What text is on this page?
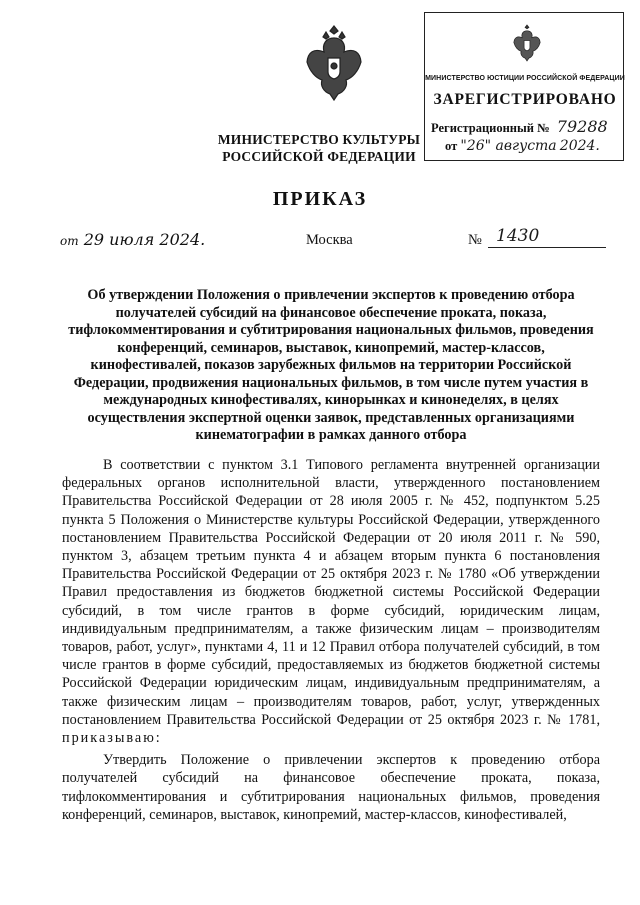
МИНИСТЕРСТВО КУЛЬТУРЫ
РОССИЙСКОЙ ФЕДЕРАЦИИ
МИНИСТЕРСТВО ЮСТИЦИИ РОССИЙСКОЙ ФЕДЕРАЦИИ
ЗАРЕГИСТРИРОВАНО
Регистрационный № 79288
от "26" августа 2024.
ПРИКАЗ
от 29 июля 2024.	Москва	№ 1430
Об утверждении Положения о привлечении экспертов к проведению отбора получателей субсидий на финансовое обеспечение проката, показа, тифлокомментирования и субтитрирования национальных фильмов, проведения конференций, семинаров, выставок, кинопремий, мастер-классов, кинофестивалей, показов зарубежных фильмов на территории Российской Федерации, продвижения национальных фильмов, в том числе путем участия в международных кинофестивалях, кинорынках и кинонеделях, в целях осуществления экспертной оценки заявок, представленных организациями кинематографии в рамках данного отбора

В соответствии с пунктом 3.1 Типового регламента внутренней организации федеральных органов исполнительной власти, утвержденного постановлением Правительства Российской Федерации от 28 июля 2005 г. № 452, подпунктом 5.25 пункта 5 Положения о Министерстве культуры Российской Федерации, утвержденного постановлением Правительства Российской Федерации от 20 июля 2011 г. № 590, пунктом 3, абзацем третьим пункта 4 и абзацем вторым пункта 6 постановления Правительства Российской Федерации от 25 октября 2023 г. № 1780 «Об утверждении Правил предоставления из бюджетов бюджетной системы Российской Федерации субсидий, в том числе грантов в форме субсидий, юридическим лицам, индивидуальным предпринимателям, а также физическим лицам – производителям товаров, работ, услуг», пунктами 4, 11 и 12 Правил отбора получателей субсидий, в том числе грантов в форме субсидий, предоставляемых из бюджетов бюджетной системы Российской Федерации юридическим лицам, индивидуальным предпринимателям, а также физическим лицам – производителям товаров, работ, услуг, утвержденных постановлением Правительства Российской Федерации от 25 октября 2023 г. № 1781, приказываю:

Утвердить Положение о привлечении экспертов к проведению отбора получателей субсидий на финансовое обеспечение проката, показа, тифлокомментирования и субтитрирования национальных фильмов, проведения конференций, семинаров, выставок, кинопремий, мастер-классов, кинофестивалей,
